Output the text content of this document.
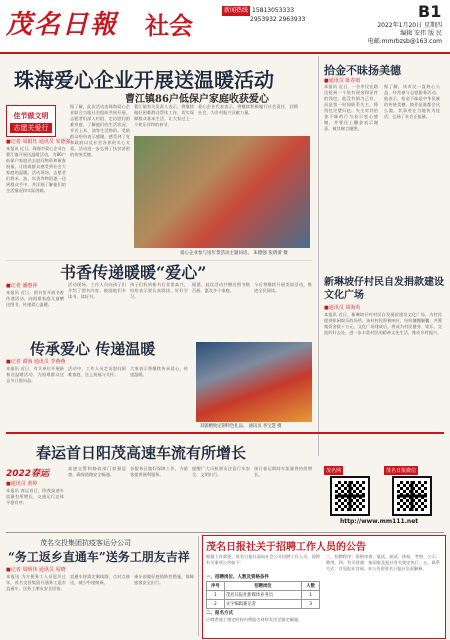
茂名日報 社会
新闻热线 15813053333
2953932 2963933	B1
2022年1月20日 星期四
编辑 安伟 版 民
电邮:mmrbzsb@163.com
珠海爱心企业开展送温暖活动
曹江镇86户低保户家庭收获爱心
佳节做文明
志愿关爱行
■记者 周娟钰 通讯员 朱德强
本报讯 近日，珠海市爱心企业在曹江镇开展送温暖活动，为86户低保户家庭送去慰问物资和新春祝福，让困难群众感受到社会大家庭的温暖。活动现场，志愿者们将米、油、年货等物资逐一送到群众手中，并详细了解他们的生活情况和实际困难。
据了解，此次活动由珠海爱心企业联合当地社会组织共同开展，志愿者们深入村组，走访慰问困难家庭，了解他们的生活状况，并送上米、油等生活物资。受助群众纷纷表示感谢，感受到了党和政府以及社会各界的关心关爱。活动进一步弘扬了扶贫济困的传统美德。
曹江镇有关负责人表示，将继续做好困难群众帮扶工作，切实保障群众基本生活，让大家过上一个欢乐祥和的春节。
爱心企业代表表示，将继续积极履行社会责任，回馈社会，为乡村振兴贡献力量。
爱心企业参与送年货活动主题问话。 朱德强 张倩蕾 摄
拾金不昧扬美德
■通讯员 陈春雨
本报讯 近日，一位市民在路边拾到一个装有现金和证件的钱包，他没有据为己有，而是第一时间联系失主，将钱包完璧归赵。失主对其拾金不昧的行为表示衷心感谢，并要送上酬金表示谢意，被其婉言谢绝。
据了解，该市民一直热心公益，经常参与志愿服务活动。他表示，拾金不昧是中华民族的传统美德，换作是谁都会这么做。其事迹在当地传为佳话，弘扬了社会正能量。
新琳坡仔村民自发捐款建设文化广场
■通讯员 胡海英
本报讯 近日，新琳坡仔村村民自发捐款建设文化广场，为村民提供休闲娱乐的场所。该村村民积极响应，纷纷慷慨解囊，共筹集资金数十万元。文化广场建成后，将成为村民健身、娱乐、交流的好去处，进一步丰富村民的精神文化生活，推动乡村振兴。
书香传递暖暖“爱心”
■记者 潘惠萍
本报讯 近日，图书馆开展书香传递活动，向困难家庭儿童赠送图书，传递爱心温暖。
活动现场，工作人员向孩子们介绍了图书内容，鼓励他们多读书、读好书。
孩子们收到新书后非常高兴，纷纷表示要认真阅读，好好学习。
据悉，此次活动共赠送图书数百册，惠及多个家庭。
今后将继续开展类似活动，推进全民阅读。
传承爱心 传递温暖
■记者 谭海 通讯员 李燕燕
本报讯 近日，有关单位开展新春送温暖活动，为困难群众送去节日慰问品。
活动中，工作人员走访慰问困难家庭，送上祝福与关怀。
大家表示将继续传承爱心，传递温暖。
双骏精致定制特色礼品。 通讯员 李宝慧 摄
春运首日阳茂高速车流有所增长
2022春运
■通讯员 黄婷
本报讯 春运首日，阳茂高速车流量有所增长，交通运行总体平稳有序。
高速交警和路政部门加强巡查，确保道路安全畅通。
各服务区做好保障工作，为旅客提供便利服务。
提醒广大司机朋友注意行车安全，文明出行。
预计春运期间车流量将持续增长。
茂名网	茂名日报微信
http://www.mm111.net
茂名交投集团抗疫客运分公司
“务工返乡直通车”送务工朋友吉祥
■记者 周炳伟 通讯员 易晓
本报讯 为方便务工人员返乡过年，茂名交投集团开通务工返乡直通车，送务工朋友安全回家。
直通车按需定制线路，点对点接送，减少中途换乘。
乘车前做好疫情防控措施，保障旅客安全出行。
茂名日报社关于招聘工作人员的公告
根据工作需要，茂名日报社面向社会公开招聘工作人员，现将有关事项公告如下：
一、招聘岗位、人数及资格条件
序号	招聘岗位	人数
1	茂名日报社新媒体业务员	1
2	文字编辑兼记者	3
二、报名方式
应聘者请于规定时间内将报名材料发送至指定邮箱。
三、招聘程序：资格审查、笔试、面试、体检、考察、公示、聘用。四、有关待遇：按国家及报社有关规定执行。五、联系方式：详见报社官网。本公告由茂名日报社负责解释。
